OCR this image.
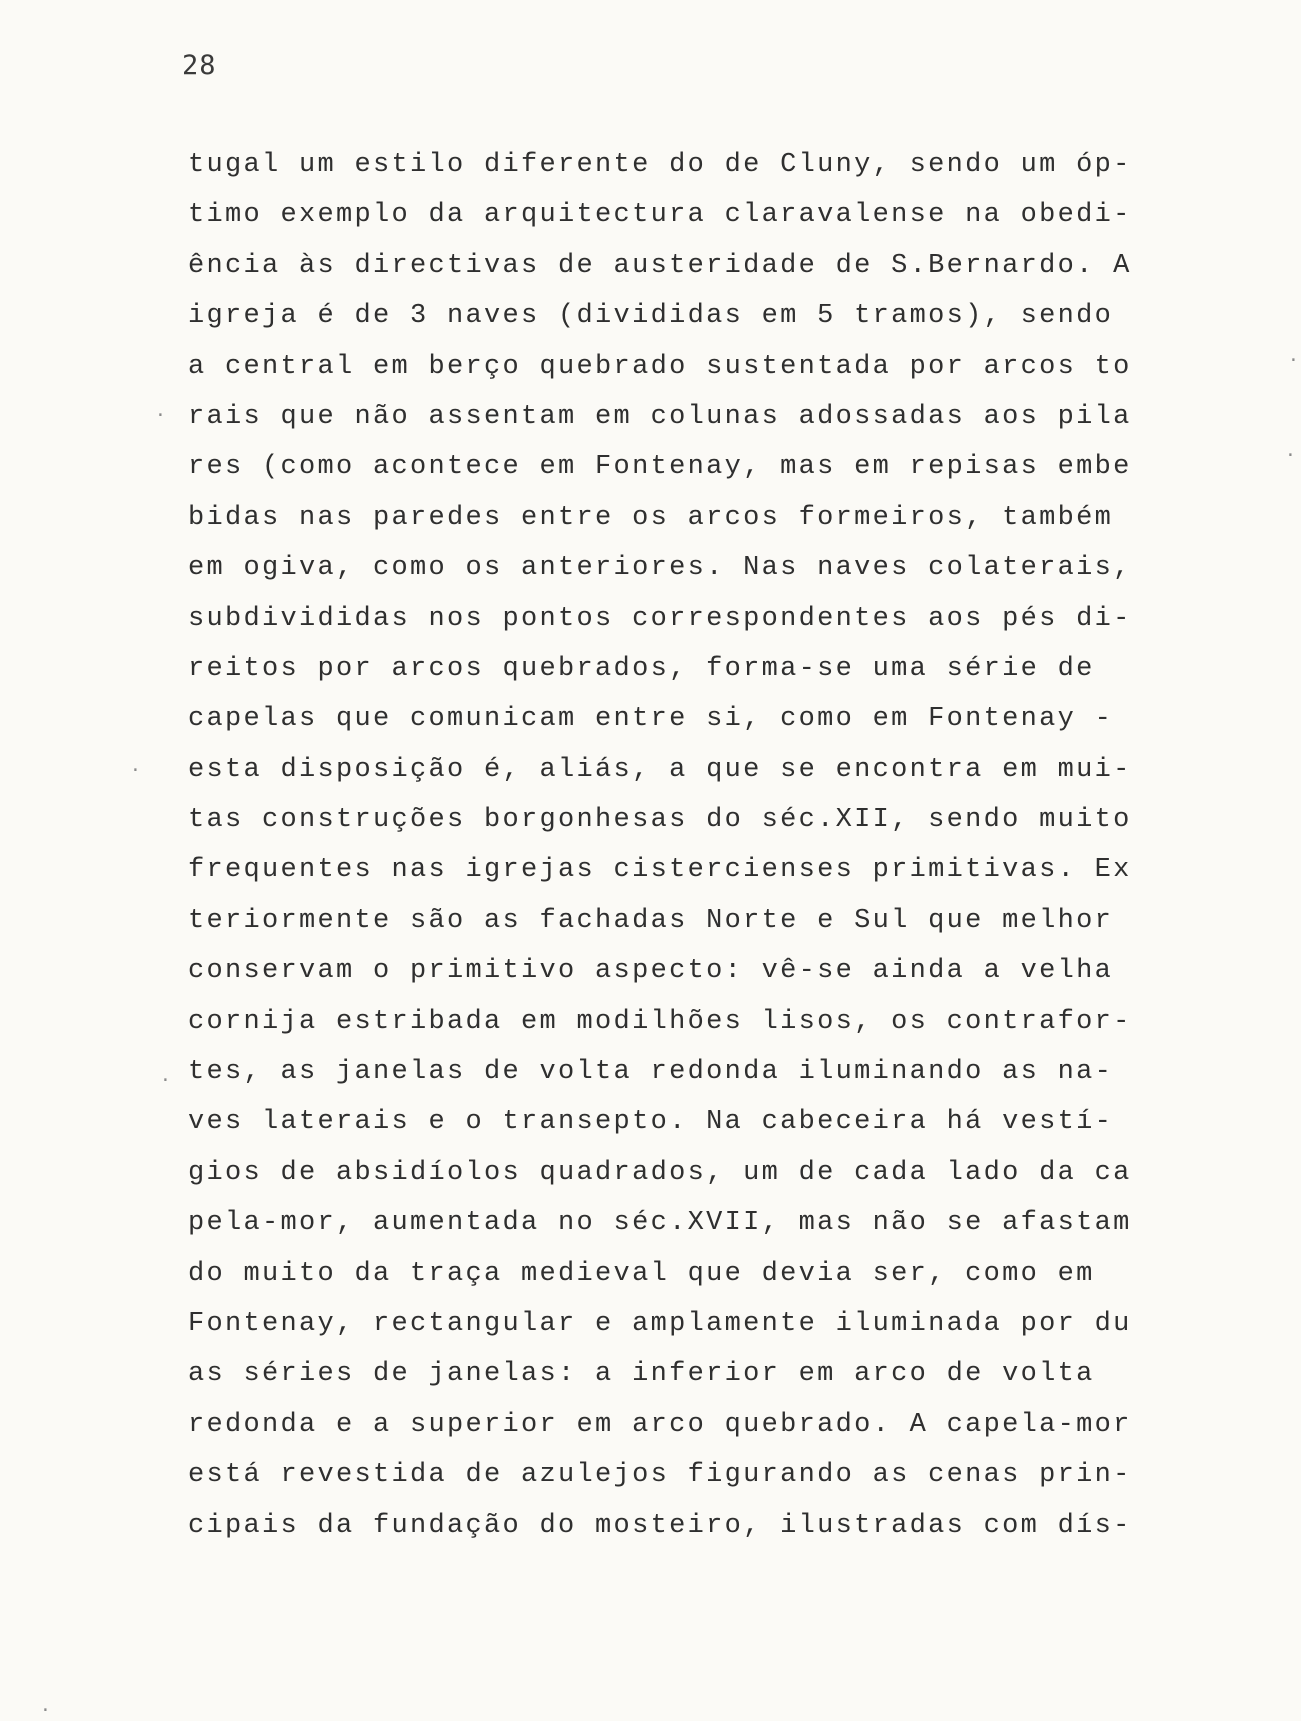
28
tugal um estilo diferente do de Cluny, sendo um óp-
timo exemplo da arquitectura claravalense na obedi-
ência às directivas de austeridade de S.Bernardo. A
igreja é de 3 naves (divididas em 5 tramos), sendo
a central em berço quebrado sustentada por arcos to
rais que não assentam em colunas adossadas aos pila
res (como acontece em Fontenay, mas em repisas embe
bidas nas paredes entre os arcos formeiros, também
em ogiva, como os anteriores. Nas naves colaterais,
subdivididas nos pontos correspondentes aos pés di-
reitos por arcos quebrados, forma-se uma série de
capelas que comunicam entre si, como em Fontenay -
esta disposição é, aliás, a que se encontra em mui-
tas construções borgonhesas do séc.XII, sendo muito
frequentes nas igrejas cistercienses primitivas. Ex
teriormente são as fachadas Norte e Sul que melhor
conservam o primitivo aspecto: vê-se ainda a velha
cornija estribada em modilhões lisos, os contrafor-
tes, as janelas de volta redonda iluminando as na-
ves laterais e o transepto. Na cabeceira há vestí-
gios de absidíolos quadrados, um de cada lado da ca
pela-mor, aumentada no séc.XVII, mas não se afastam
do muito da traça medieval que devia ser, como em
Fontenay, rectangular e amplamente iluminada por du
as séries de janelas: a inferior em arco de volta
redonda e a superior em arco quebrado. A capela-mor
está revestida de azulejos figurando as cenas prin-
cipais da fundação do mosteiro, ilustradas com dís-
·
·
·
·
·
·
